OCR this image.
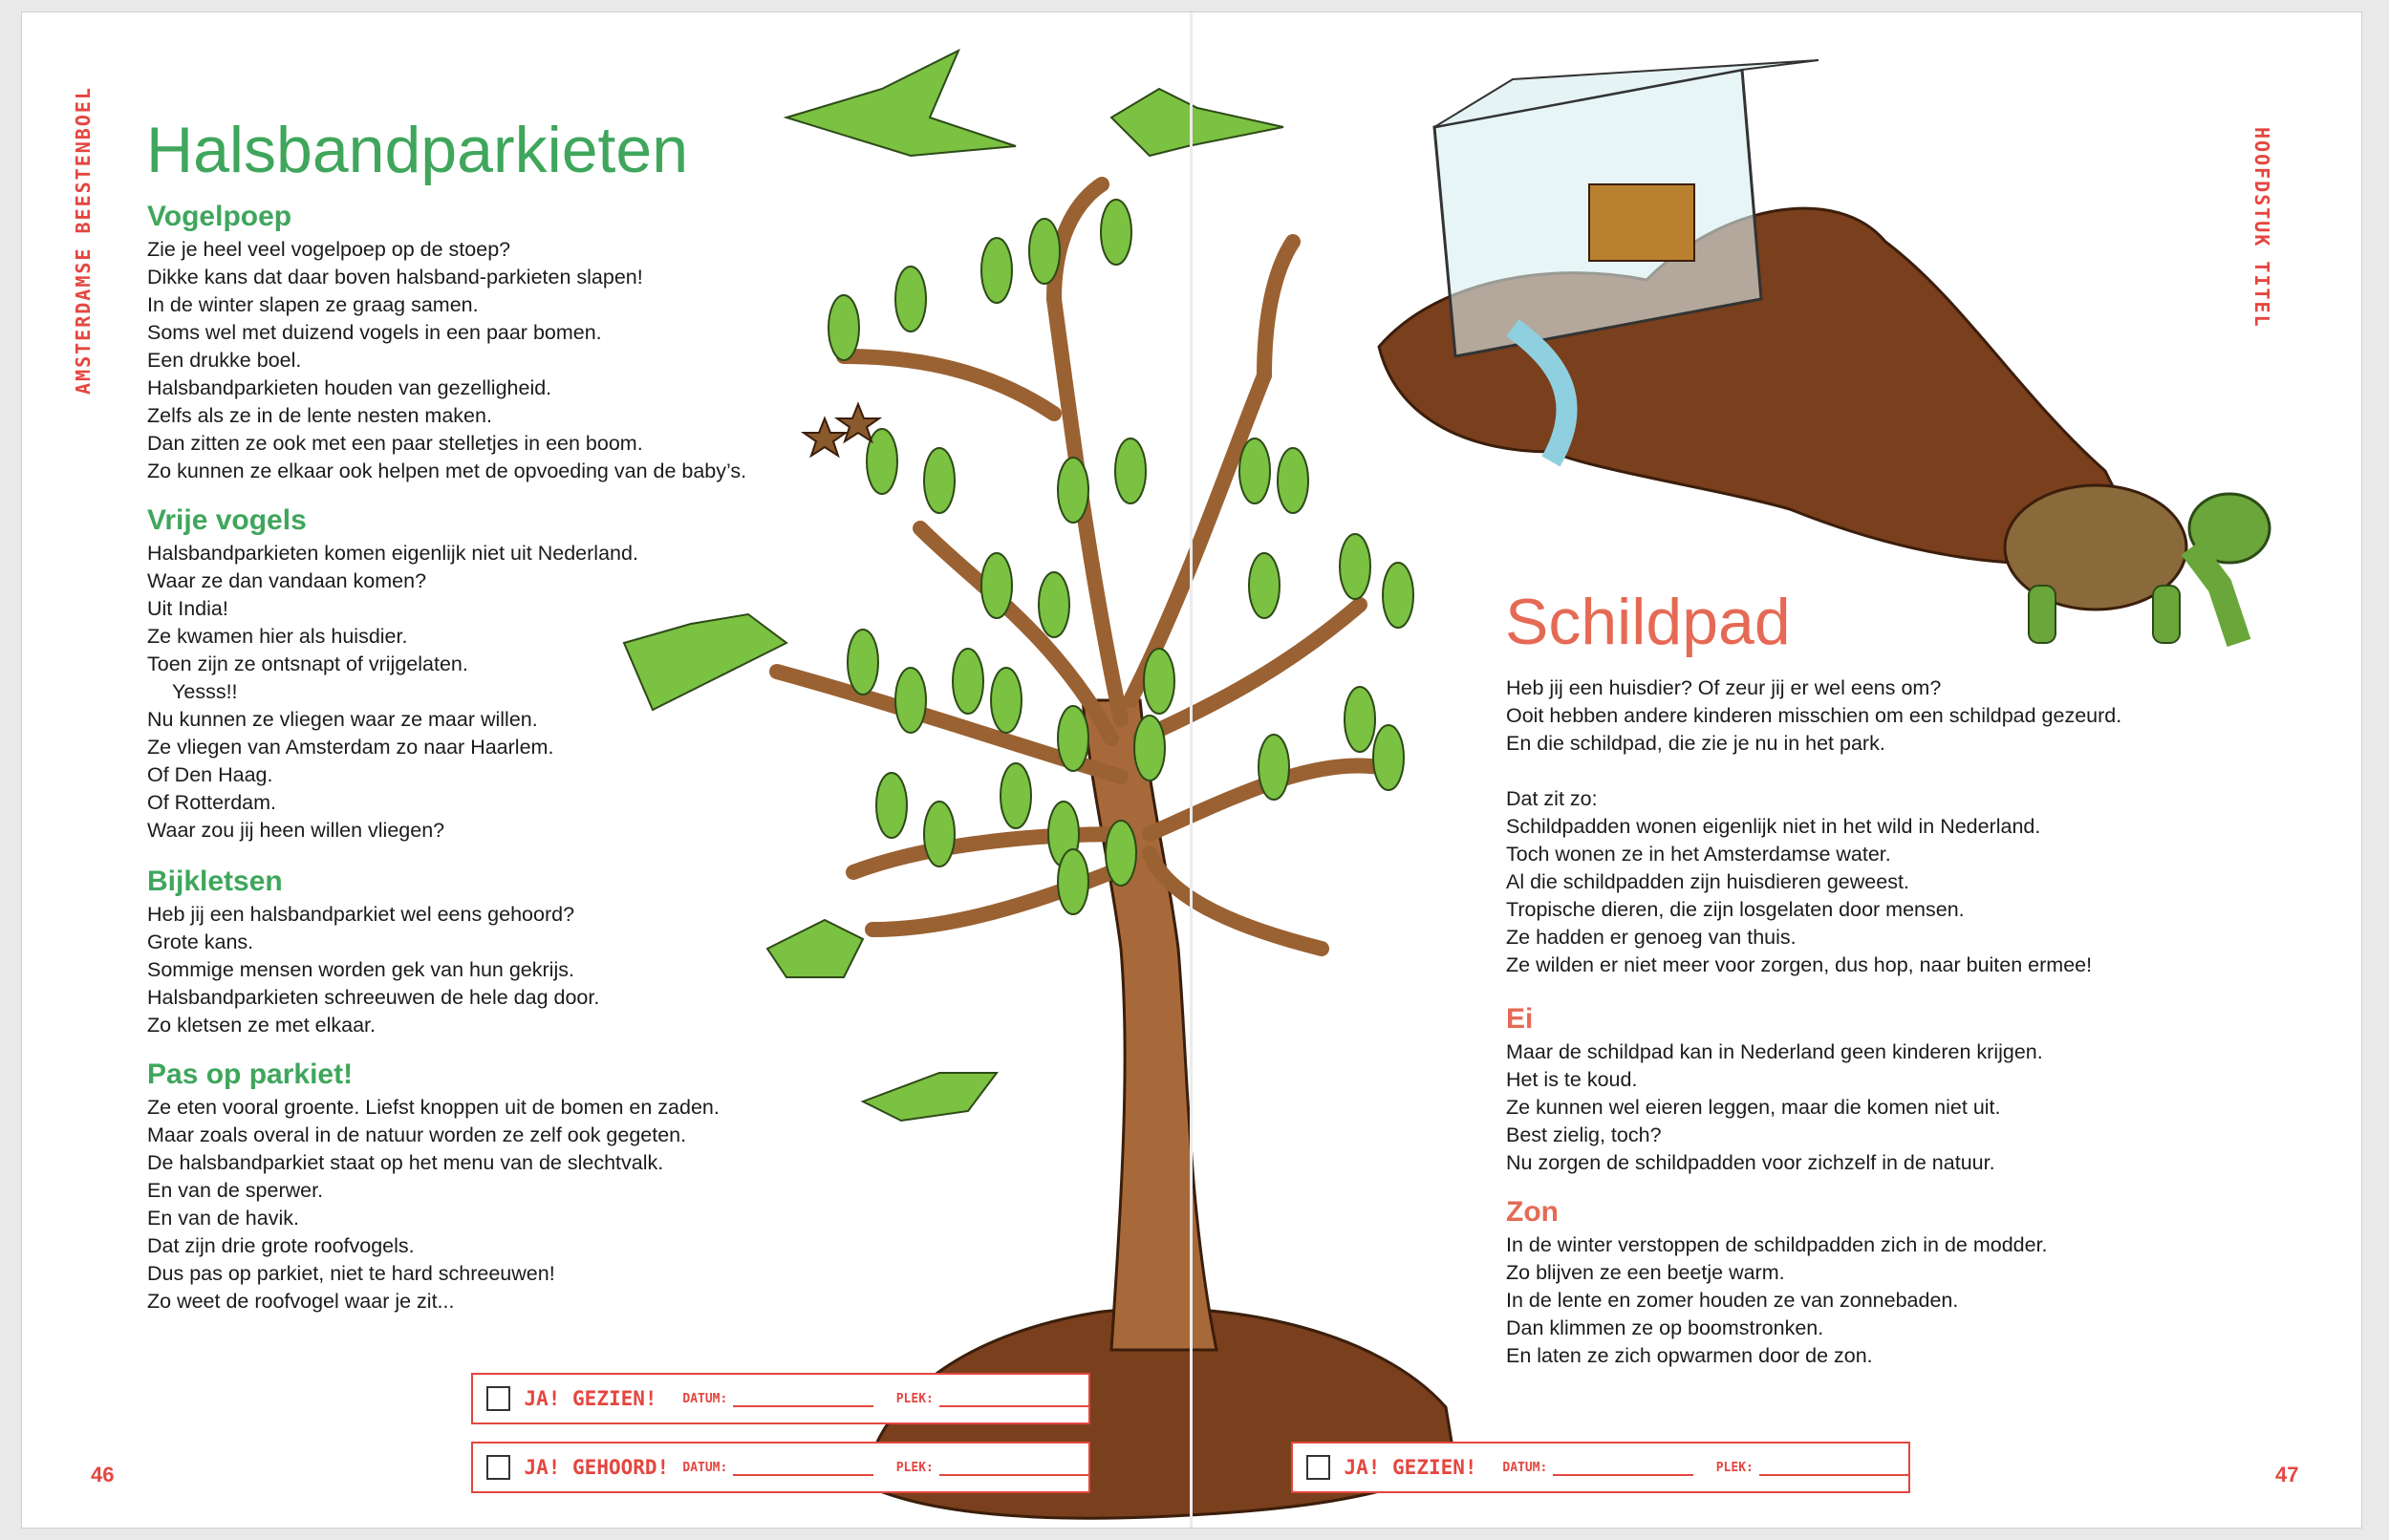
AMSTERDAMSE BEESTENBOEL
46
Halsbandparkieten
Vogelpoep

Zie je heel veel vogelpoep op de stoep?

Dikke kans dat daar boven halsband-parkieten slapen!

In de winter slapen ze graag samen.

Soms wel met duizend vogels in een paar bomen.

Een drukke boel.

Halsbandparkieten houden van gezelligheid.

Zelfs als ze in de lente nesten maken.

Dan zitten ze ook met een paar stelletjes in een boom.

Zo kunnen ze elkaar ook helpen met de opvoeding van de baby’s.

Vrije vogels

Halsbandparkieten komen eigenlijk niet uit Nederland.

Waar ze dan vandaan komen?

Uit India!

Ze kwamen hier als huisdier.

Toen zijn ze ontsnapt of vrijgelaten.

Yesss!!

Nu kunnen ze vliegen waar ze maar willen.

Ze vliegen van Amsterdam zo naar Haarlem.

Of Den Haag.

Of Rotterdam.

Waar zou jij heen willen vliegen?

Bijkletsen

Heb jij een halsbandparkiet wel eens gehoord?

Grote kans.

Sommige mensen worden gek van hun gekrijs.

Halsbandparkieten schreeuwen de hele dag door.

Zo kletsen ze met elkaar.

Pas op parkiet!

Ze eten vooral groente. Liefst knoppen uit de bomen en zaden.

Maar zoals overal in de natuur worden ze zelf ook gegeten.

De halsbandparkiet staat op het menu van de slechtvalk.

En van de sperwer.

En van de havik.

Dat zijn drie grote roofvogels.

Dus pas op parkiet, niet te hard schreeuwen!

Zo weet de roofvogel waar je zit...

JA! GEZIEN!	DATUM:	PLEK:
JA! GEHOORD!	DATUM:	PLEK:
HOOFDSTUK TITEL
47
Schildpad

Heb jij een huisdier? Of zeur jij er wel eens om?

Ooit hebben andere kinderen misschien om een schildpad gezeurd.

En die schildpad, die zie je nu in het park.

Dat zit zo:

Schildpadden wonen eigenlijk niet in het wild in Nederland.

Toch wonen ze in het Amsterdamse water.

Al die schildpadden zijn huisdieren geweest.

Tropische dieren, die zijn losgelaten door mensen.

Ze hadden er genoeg van thuis.

Ze wilden er niet meer voor zorgen, dus hop, naar buiten ermee!

Ei

Maar de schildpad kan in Nederland geen kinderen krijgen.

Het is te koud.

Ze kunnen wel eieren leggen, maar die komen niet uit.

Best zielig, toch?

Nu zorgen de schildpadden voor zichzelf in de natuur.

Zon

In de winter verstoppen de schildpadden zich in de modder.

Zo blijven ze een beetje warm.

In de lente en zomer houden ze van zonnebaden.

Dan klimmen ze op boomstronken.

En laten ze zich opwarmen door de zon.

JA! GEZIEN!	DATUM:	PLEK:
